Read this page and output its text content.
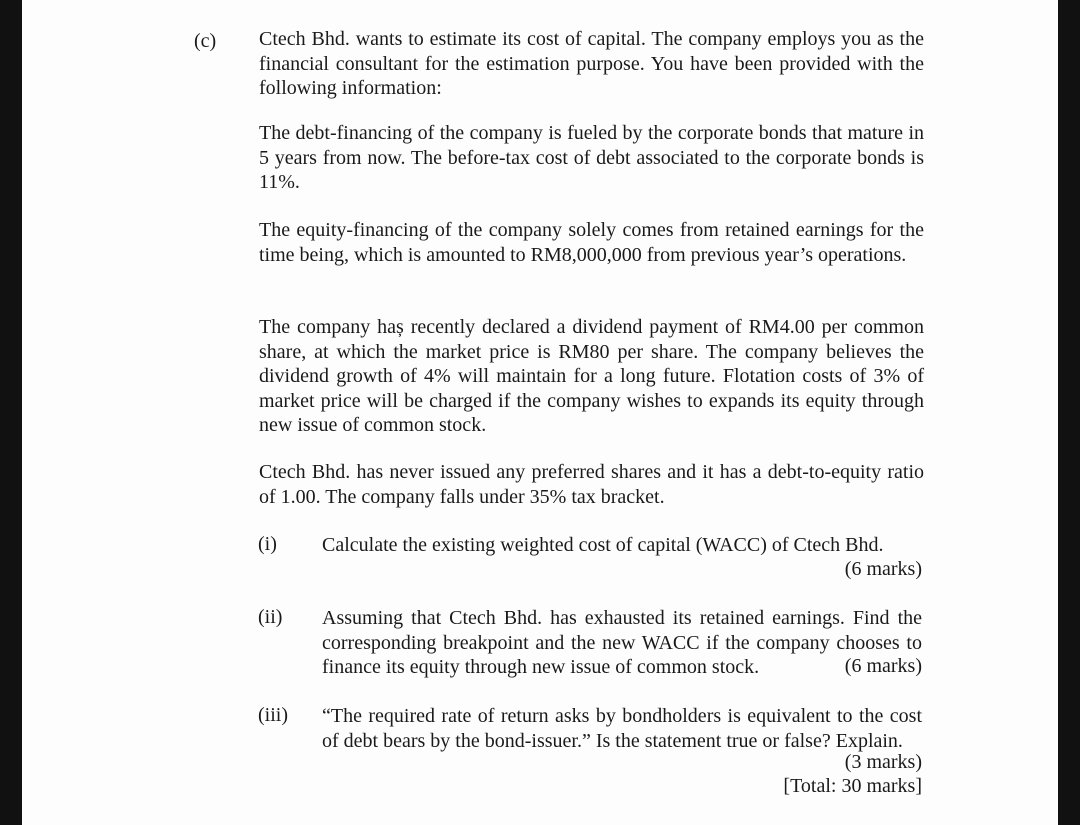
(c) Ctech Bhd. wants to estimate its cost of capital. The company employs you as the financial consultant for the estimation purpose. You have been provided with the following information:

The debt-financing of the company is fueled by the corporate bonds that mature in 5 years from now. The before-tax cost of debt associated to the corporate bonds is 11%.

The equity-financing of the company solely comes from retained earnings for the time being, which is amounted to RM8,000,000 from previous year’s operations.

The company haș recently declared a dividend payment of RM4.00 per common share, at which the market price is RM80 per share. The company believes the dividend growth of 4% will maintain for a long future. Flotation costs of 3% of market price will be charged if the company wishes to expands its equity through new issue of common stock.

Ctech Bhd. has never issued any preferred shares and it has a debt-to-equity ratio of 1.00. The company falls under 35% tax bracket.

(i) Calculate the existing weighted cost of capital (WACC) of Ctech Bhd.

(6 marks)
(ii) Assuming that Ctech Bhd. has exhausted its retained earnings. Find the corresponding breakpoint and the new WACC if the company chooses to finance its equity through new issue of common stock.	(6 marks)
(iii) “The required rate of return asks by bondholders is equivalent to the cost of debt bears by the bond-issuer.” Is the statement true or false? Explain.

(3 marks)
[Total: 30 marks]
